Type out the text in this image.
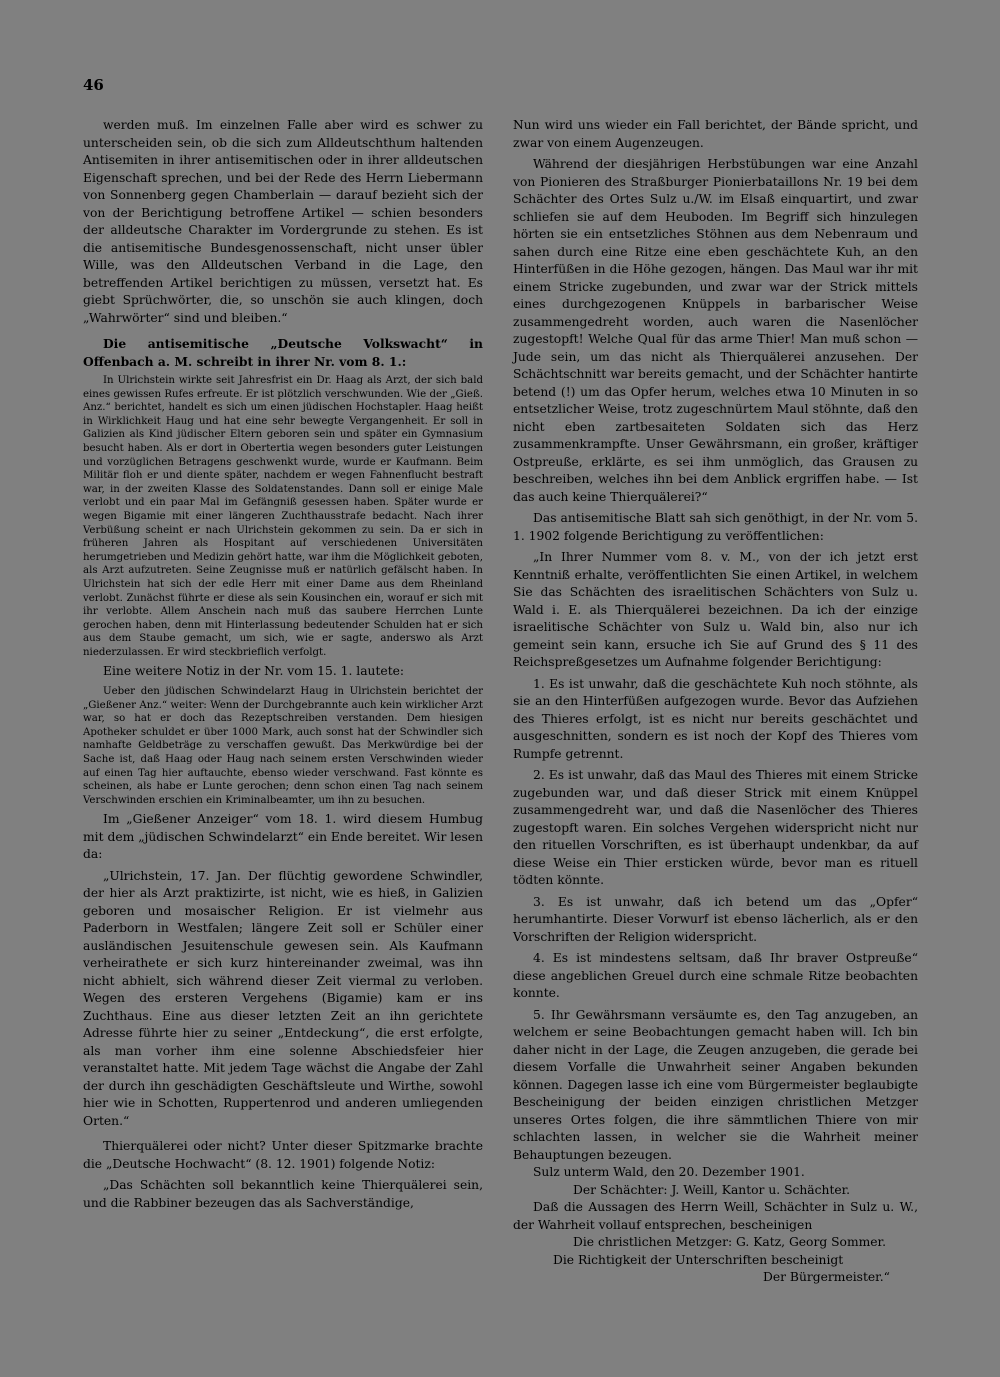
46

werden muß. Im einzelnen Falle aber wird es schwer zu unterscheiden sein, ob die sich zum Alldeutschthum haltenden Antisemiten in ihrer antisemitischen oder in ihrer alldeutschen Eigenschaft sprechen, und bei der Rede des Herrn Liebermann von Sonnenberg gegen Chamberlain — darauf bezieht sich der von der Berichtigung betroffene Artikel — schien besonders der alldeutsche Charakter im Vordergrunde zu stehen. Es ist die antisemitische Bundesgenossenschaft, nicht unser übler Wille, was den Alldeutschen Verband in die Lage, den betreffenden Artikel berichtigen zu müssen, versetzt hat. Es giebt Sprüchwörter, die, so unschön sie auch klingen, doch „Wahrwörter“ sind und bleiben.“

Die antisemitische „Deutsche Volkswacht“ in Offenbach a. M. schreibt in ihrer Nr. vom 8. 1.:

In Ulrichstein wirkte seit Jahresfrist ein Dr. Haag als Arzt, der sich bald eines gewissen Rufes erfreute. Er ist plötzlich verschwunden. Wie der „Gieß. Anz.“ berichtet, handelt es sich um einen jüdischen Hochstapler. Haag heißt in Wirklichkeit Haug und hat eine sehr bewegte Vergangenheit. Er soll in Galizien als Kind jüdischer Eltern geboren sein und später ein Gymnasium besucht haben. Als er dort in Obertertia wegen besonders guter Leistungen und vorzüglichen Betragens geschwenkt wurde, wurde er Kaufmann. Beim Militär floh er und diente später, nachdem er wegen Fahnenflucht bestraft war, in der zweiten Klasse des Soldatenstandes. Dann soll er einige Male verlobt und ein paar Mal im Gefängniß gesessen haben. Später wurde er wegen Bigamie mit einer längeren Zuchthausstrafe bedacht. Nach ihrer Verbüßung scheint er nach Ulrichstein gekommen zu sein. Da er sich in früheren Jahren als Hospitant auf verschiedenen Universitäten herumgetrieben und Medizin gehört hatte, war ihm die Möglichkeit geboten, als Arzt aufzutreten. Seine Zeugnisse muß er natürlich gefälscht haben. In Ulrichstein hat sich der edle Herr mit einer Dame aus dem Rheinland verlobt. Zunächst führte er diese als sein Kousinchen ein, worauf er sich mit ihr verlobte. Allem Anschein nach muß das saubere Herrchen Lunte gerochen haben, denn mit Hinterlassung bedeutender Schulden hat er sich aus dem Staube gemacht, um sich, wie er sagte, anderswo als Arzt niederzulassen. Er wird steckbrieflich verfolgt.

Eine weitere Notiz in der Nr. vom 15. 1. lautete:

Ueber den jüdischen Schwindelarzt Haug in Ulrichstein berichtet der „Gießener Anz.“ weiter: Wenn der Durchgebrannte auch kein wirklicher Arzt war, so hat er doch das Rezeptschreiben verstanden. Dem hiesigen Apotheker schuldet er über 1000 Mark, auch sonst hat der Schwindler sich namhafte Geldbeträge zu verschaffen gewußt. Das Merkwürdige bei der Sache ist, daß Haag oder Haug nach seinem ersten Verschwinden wieder auf einen Tag hier auftauchte, ebenso wieder verschwand. Fast könnte es scheinen, als habe er Lunte gerochen; denn schon einen Tag nach seinem Verschwinden erschien ein Kriminalbeamter, um ihn zu besuchen.

Im „Gießener Anzeiger“ vom 18. 1. wird diesem Humbug mit dem „jüdischen Schwindelarzt“ ein Ende bereitet. Wir lesen da:

„Ulrichstein, 17. Jan. Der flüchtig gewordene Schwindler, der hier als Arzt praktizirte, ist nicht, wie es hieß, in Galizien geboren und mosaischer Religion. Er ist vielmehr aus Paderborn in Westfalen; längere Zeit soll er Schüler einer ausländischen Jesuitenschule gewesen sein. Als Kaufmann verheirathete er sich kurz hintereinander zweimal, was ihn nicht abhielt, sich während dieser Zeit viermal zu verloben. Wegen des ersteren Vergehens (Bigamie) kam er ins Zuchthaus. Eine aus dieser letzten Zeit an ihn gerichtete Adresse führte hier zu seiner „Entdeckung“, die erst erfolgte, als man vorher ihm eine solenne Abschiedsfeier hier veranstaltet hatte. Mit jedem Tage wächst die Angabe der Zahl der durch ihn geschädigten Geschäftsleute und Wirthe, sowohl hier wie in Schotten, Ruppertenrod und anderen umliegenden Orten.“

Thierquälerei oder nicht? Unter dieser Spitzmarke brachte die „Deutsche Hochwacht“ (8. 12. 1901) folgende Notiz:

„Das Schächten soll bekanntlich keine Thierquälerei sein, und die Rabbiner bezeugen das als Sachverständige,

Nun wird uns wieder ein Fall berichtet, der Bände spricht, und zwar von einem Augenzeugen.

Während der diesjährigen Herbstübungen war eine Anzahl von Pionieren des Straßburger Pionierbataillons Nr. 19 bei dem Schächter des Ortes Sulz u./W. im Elsaß einquartirt, und zwar schliefen sie auf dem Heuboden. Im Begriff sich hinzulegen hörten sie ein entsetzliches Stöhnen aus dem Nebenraum und sahen durch eine Ritze eine eben geschächtete Kuh, an den Hinterfüßen in die Höhe gezogen, hängen. Das Maul war ihr mit einem Stricke zugebunden, und zwar war der Strick mittels eines durchgezogenen Knüppels in barbarischer Weise zusammengedreht worden, auch waren die Nasenlöcher zugestopft! Welche Qual für das arme Thier! Man muß schon — Jude sein, um das nicht als Thierquälerei anzusehen. Der Schächtschnitt war bereits gemacht, und der Schächter hantirte betend (!) um das Opfer herum, welches etwa 10 Minuten in so entsetzlicher Weise, trotz zugeschnürtem Maul stöhnte, daß den nicht eben zartbesaiteten Soldaten sich das Herz zusammenkrampfte. Unser Gewährsmann, ein großer, kräftiger Ostpreuße, erklärte, es sei ihm unmöglich, das Grausen zu beschreiben, welches ihn bei dem Anblick ergriffen habe. — Ist das auch keine Thierquälerei?“

Das antisemitische Blatt sah sich genöthigt, in der Nr. vom 5. 1. 1902 folgende Berichtigung zu veröffentlichen:

„In Ihrer Nummer vom 8. v. M., von der ich jetzt erst Kenntniß erhalte, veröffentlichten Sie einen Artikel, in welchem Sie das Schächten des israelitischen Schächters von Sulz u. Wald i. E. als Thierquälerei bezeichnen. Da ich der einzige israelitische Schächter von Sulz u. Wald bin, also nur ich gemeint sein kann, ersuche ich Sie auf Grund des § 11 des Reichspreßgesetzes um Aufnahme folgender Berichtigung:

1. Es ist unwahr, daß die geschächtete Kuh noch stöhnte, als sie an den Hinterfüßen aufgezogen wurde. Bevor das Aufziehen des Thieres erfolgt, ist es nicht nur bereits geschächtet und ausgeschnitten, sondern es ist noch der Kopf des Thieres vom Rumpfe getrennt.

2. Es ist unwahr, daß das Maul des Thieres mit einem Stricke zugebunden war, und daß dieser Strick mit einem Knüppel zusammengedreht war, und daß die Nasenlöcher des Thieres zugestopft waren. Ein solches Vergehen widerspricht nicht nur den rituellen Vorschriften, es ist überhaupt undenkbar, da auf diese Weise ein Thier ersticken würde, bevor man es rituell tödten könnte.

3. Es ist unwahr, daß ich betend um das „Opfer“ herumhantirte. Dieser Vorwurf ist ebenso lächerlich, als er den Vorschriften der Religion widerspricht.

4. Es ist mindestens seltsam, daß Ihr braver Ostpreuße“ diese angeblichen Greuel durch eine schmale Ritze beobachten konnte.

5. Ihr Gewährsmann versäumte es, den Tag anzugeben, an welchem er seine Beobachtungen gemacht haben will. Ich bin daher nicht in der Lage, die Zeugen anzugeben, die gerade bei diesem Vorfalle die Unwahrheit seiner Angaben bekunden können. Dagegen lasse ich eine vom Bürgermeister beglaubigte Bescheinigung der beiden einzigen christlichen Metzger unseres Ortes folgen, die ihre sämmtlichen Thiere von mir schlachten lassen, in welcher sie die Wahrheit meiner Behauptungen bezeugen.

Sulz unterm Wald, den 20. Dezember 1901.

Der Schächter: J. Weill, Kantor u. Schächter.

Daß die Aussagen des Herrn Weill, Schächter in Sulz u. W., der Wahrheit vollauf entsprechen, bescheinigen

Die christlichen Metzger: G. Katz, Georg Sommer.

Die Richtigkeit der Unterschriften bescheinigt

Der Bürgermeister.“
